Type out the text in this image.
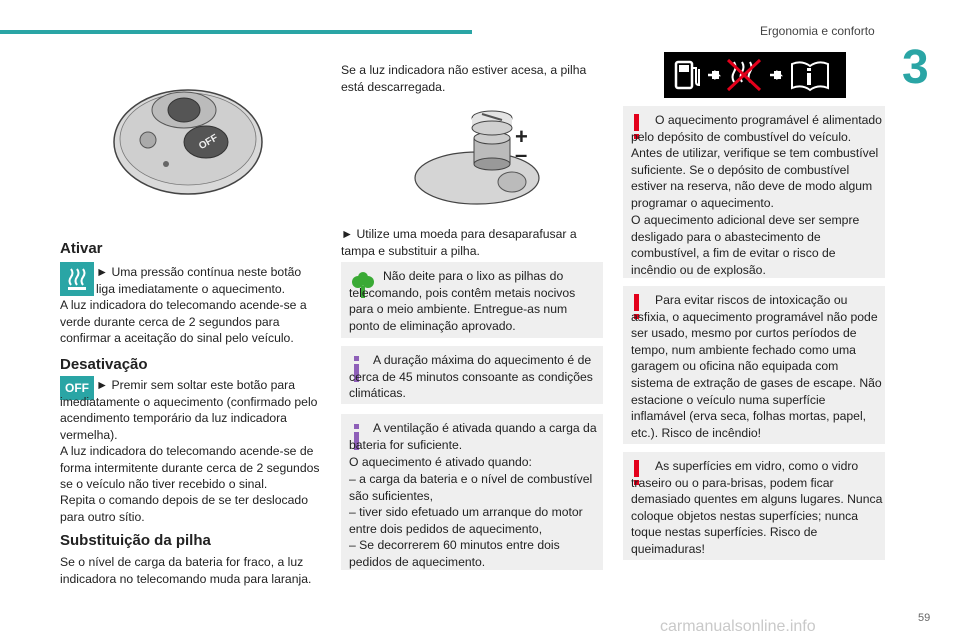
Ergonomia e conforto
3
OFF
Ativar
► Uma pressão contínua neste botão liga imediatamente o aquecimento.
A luz indicadora do telecomando acende-se a verde durante cerca de 2 segundos para confirmar a aceitação do sinal pelo veículo.
Desativação
OFF ► Premir sem soltar este botão para imediatamente o aquecimento (confirmado pelo acendimento temporário da luz indicadora vermelha).
A luz indicadora do telecomando acende-se de forma intermitente durante cerca de 2 segundos se o veículo não tiver recebido o sinal.
Repita o comando depois de se ter deslocado para outro sítio.
Substituição da pilha
Se o nível de carga da bateria for fraco, a luz indicadora no telecomando muda para laranja.
Se a luz indicadora não estiver acesa, a pilha está descarregada.
+
–
► Utilize uma moeda para desaparafusar a tampa e substituir a pilha.
Não deite para o lixo as pilhas do telecomando, pois contêm metais nocivos para o meio ambiente. Entregue-as num ponto de eliminação aprovado.
A duração máxima do aquecimento é de cerca de 45 minutos consoante as condições climáticas.
A ventilação é ativada quando a carga da bateria for suficiente.
O aquecimento é ativado quando:
– a carga da bateria e o nível de combustível são suficientes,
– tiver sido efetuado um arranque do motor entre dois pedidos de aquecimento,
– Se decorrerem 60 minutos entre dois pedidos de aquecimento.
O aquecimento programável é alimentado pelo depósito de combustível do veículo. Antes de utilizar, verifique se tem combustível suficiente. Se o depósito de combustível estiver na reserva, não deve de modo algum programar o aquecimento.
O aquecimento adicional deve ser sempre desligado para o abastecimento de combustível, a fim de evitar o risco de incêndio ou de explosão.
Para evitar riscos de intoxicação ou asfixia, o aquecimento programável não pode ser usado, mesmo por curtos períodos de tempo, num ambiente fechado como uma garagem ou oficina não equipada com sistema de extração de gases de escape. Não estacione o veículo numa superfície inflamável (erva seca, folhas mortas, papel, etc.). Risco de incêndio!
As superfícies em vidro, como o vidro traseiro ou o para-brisas, podem ficar demasiado quentes em alguns lugares. Nunca coloque objetos nestas superfícies; nunca toque nestas superfícies. Risco de queimaduras!
carmanualsonline.info	59
